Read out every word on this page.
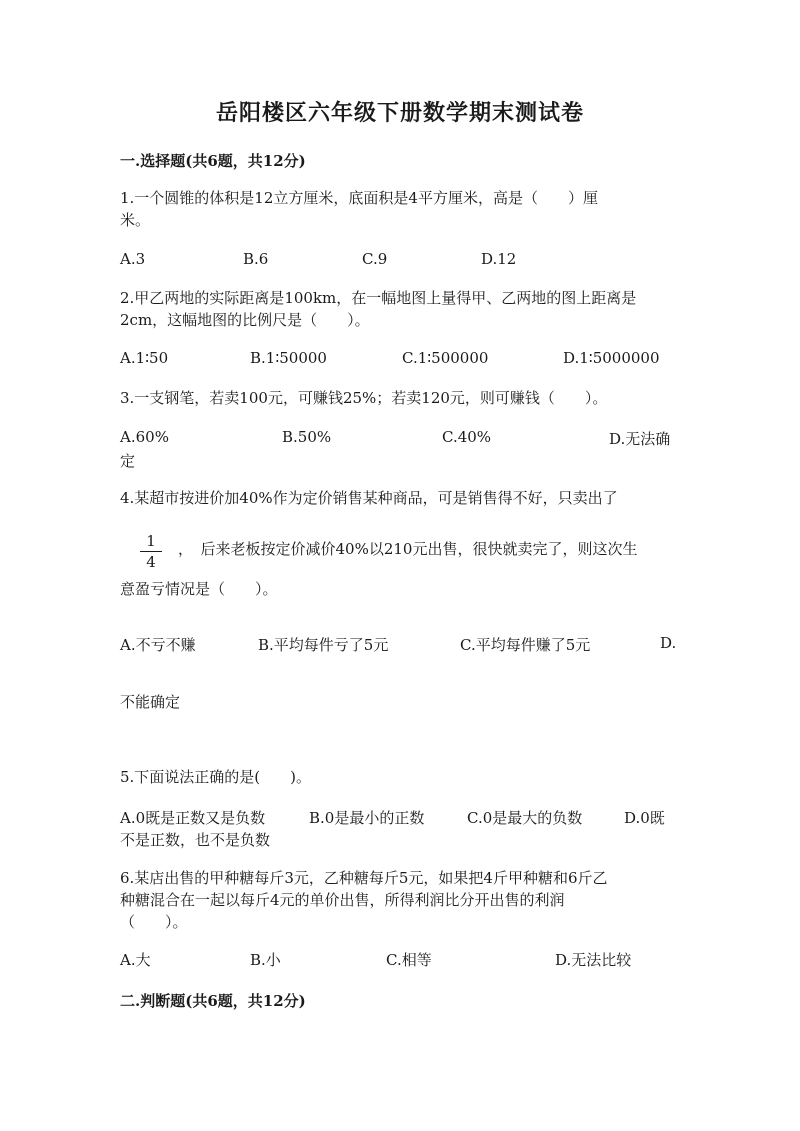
岳阳楼区六年级下册数学期末测试卷
一.选择题(共6题，共12分)
1.一个圆锥的体积是12立方厘米，底面积是4平方厘米，高是（　　）厘
米。
A.3	B.6	C.9	D.12
2.甲乙两地的实际距离是100km，在一幅地图上量得甲、乙两地的图上距离是
2cm，这幅地图的比例尺是（　　）。
A.1∶50	B.1∶50000	C.1∶500000	D.1∶5000000
3.一支钢笔，若卖100元，可赚钱25%；若卖120元，则可赚钱（　　）。
A.60%	B.50%	C.40%	D.无法确
定
4.某超市按进价加40%作为定价销售某种商品，可是销售得不好，只卖出了
1
4
，　后来老板按定价减价40%以210元出售，很快就卖完了，则这次生
意盈亏情况是（　　）。
A.不亏不赚	B.平均每件亏了5元	C.平均每件赚了5元	D.
不能确定
5.下面说法正确的是(　　)。
A.0既是正数又是负数	B.0是最小的正数	C.0是最大的负数	D.0既
不是正数，也不是负数
6.某店出售的甲种糖每斤3元，乙种糖每斤5元，如果把4斤甲种糖和6斤乙
种糖混合在一起以每斤4元的单价出售，所得利润比分开出售的利润
（　　）。
A.大	B.小	C.相等	D.无法比较
二.判断题(共6题，共12分)
